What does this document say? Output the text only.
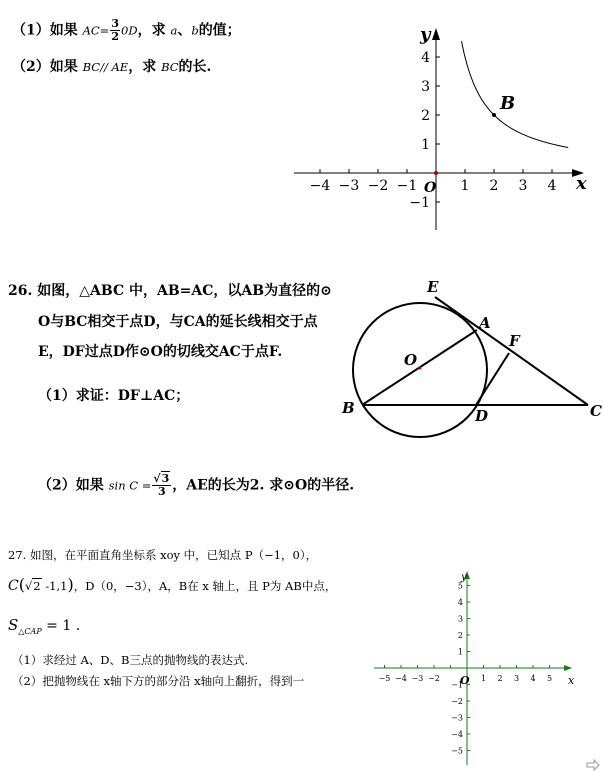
（1）如果 $AC= \frac{3}{2} 0D$，求 a、b的值；
（2）如果 BC// AE，求 BC的长.
−4 −3 −2 −1	1 2 3 4
4
3
2
1
−1
y
x
O
B
26. 如图，△ABC 中，AB=AC，以AB为直径的⊙
O与BC相交于点D，与CA的延长线相交于点
E，DF过点D作⊙O的切线交AC于点F.
（1）求证：DF⊥AC；
（2）如果 $\sin C = \frac{√3}{3}$ ，AE的长为2. 求⊙O的半径.
E
A
F
O
B	D	C
27. 如图，在平面直角坐标系 xoy 中，已知点 P（−1，0），
C(√2 -1,1)，D（0，−3），A，B在 x 轴上，且 P为 AB中点，
$S_{\triangle CAP} = 1$ .
（1）求经过 A、D、B三点的抛物线的表达式.
（2）把抛物线在 x轴下方的部分沿 x轴向上翻折，得到一	−5 −4 −3 −2	1 2 3 4 5
5
4
3
2
1
−1
−2
−3
−4
−5
y
x
O
